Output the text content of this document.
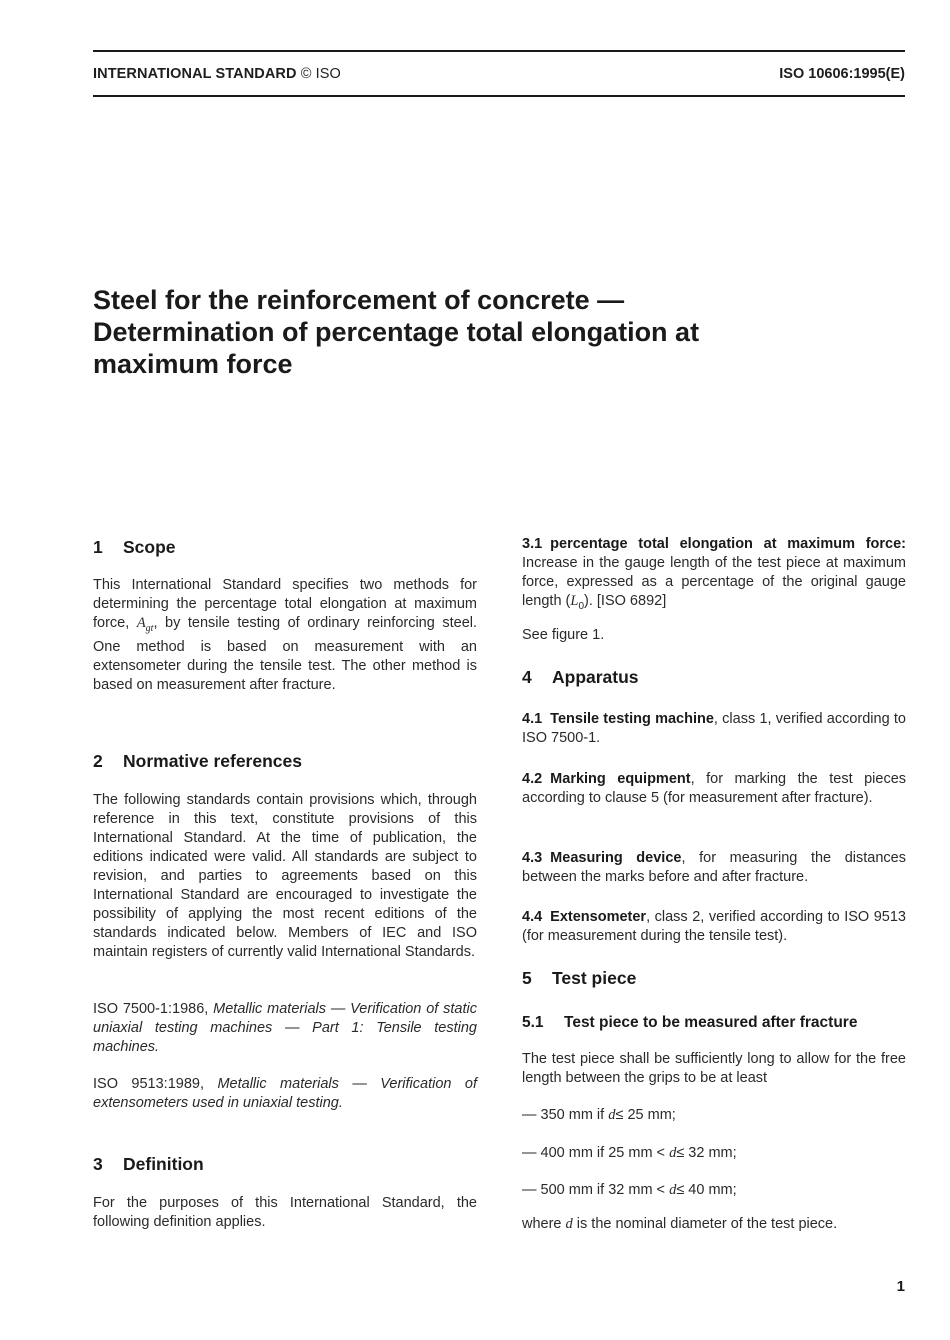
INTERNATIONAL STANDARD © ISO	ISO 10606:1995(E)
Steel for the reinforcement of concrete —
Determination of percentage total elongation at
maximum force
1 Scope

This International Standard specifies two methods for determining the percentage total elongation at maximum force, $A_{gt}$, by tensile testing of ordinary reinforcing steel. One method is based on measurement with an extensometer during the tensile test. The other method is based on measurement after fracture.

2 Normative references

The following standards contain provisions which, through reference in this text, constitute provisions of this International Standard. At the time of publication, the editions indicated were valid. All standards are subject to revision, and parties to agreements based on this International Standard are encouraged to investigate the possibility of applying the most recent editions of the standards indicated below. Members of IEC and ISO maintain registers of currently valid International Standards.

ISO 7500-1:1986, Metallic materials — Verification of static uniaxial testing machines — Part 1: Tensile testing machines.

ISO 9513:1989, Metallic materials — Verification of extensometers used in uniaxial testing.

3 Definition

For the purposes of this International Standard, the following definition applies.

3.1 percentage total elongation at maximum force: Increase in the gauge length of the test piece at maximum force, expressed as a percentage of the original gauge length $(L_0)$. [ISO 6892]

See figure 1.

4 Apparatus

4.1 Tensile testing machine, class 1, verified according to ISO 7500-1.

4.2 Marking equipment, for marking the test pieces according to clause 5 (for measurement after fracture).

4.3 Measuring device, for measuring the distances between the marks before and after fracture.

4.4 Extensometer, class 2, verified according to ISO 9513 (for measurement during the tensile test).

5 Test piece
5.1 Test piece to be measured after fracture

The test piece shall be sufficiently long to allow for the free length between the grips to be at least

— 350 mm if d≤ 25 mm;

— 400 mm if 25 mm < d≤ 32 mm;

— 500 mm if 32 mm < d≤ 40 mm;

where d is the nominal diameter of the test piece.

1
